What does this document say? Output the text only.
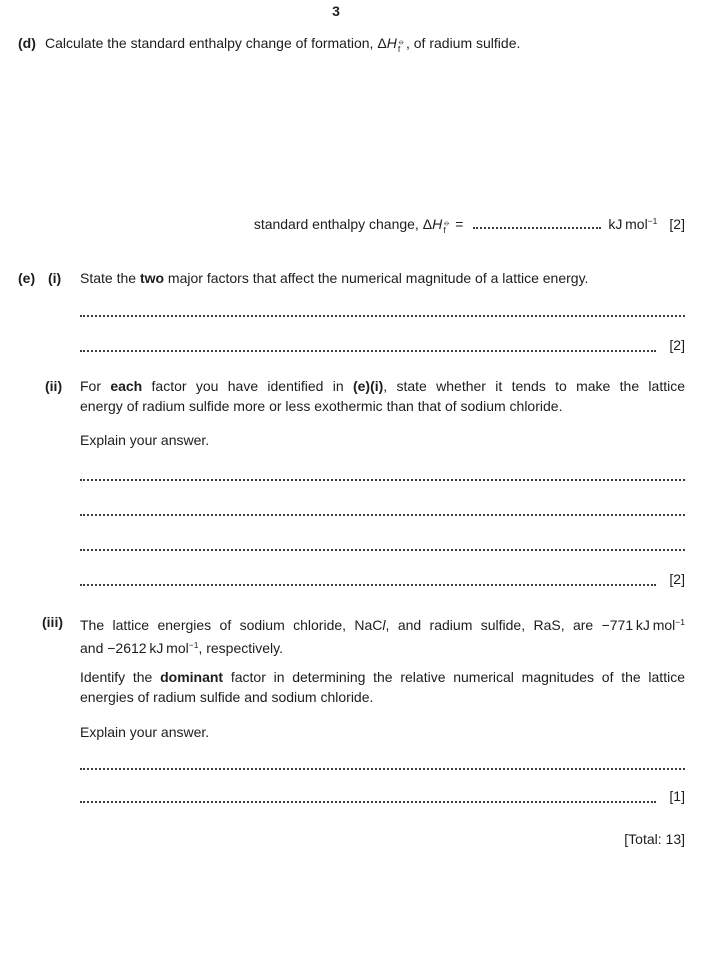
3
(d) Calculate the standard enthalpy change of formation, ΔH ⦵
f , of radium sulfide.
standard enthalpy change, ΔH ⦵
f =	kJ mol$^{-1}$ [2]
(e) (i) State the two major factors that affect the numerical magnitude of a lattice energy.
[2]
(ii) For each factor you have identified in (e)(i), state whether it tends to make the lattice
energy of radium sulfide more or less exothermic than that of sodium chloride.
Explain your answer.
[2]
(iii) The lattice energies of sodium chloride, NaCl, and radium sulfide, RaS, are −771 kJ mol$^{-1}$
and −2612 kJ mol$^{-1}$, respectively.
Identify the dominant factor in determining the relative numerical magnitudes of the lattice
energies of radium sulfide and sodium chloride.
Explain your answer.
[1]
[Total: 13]
